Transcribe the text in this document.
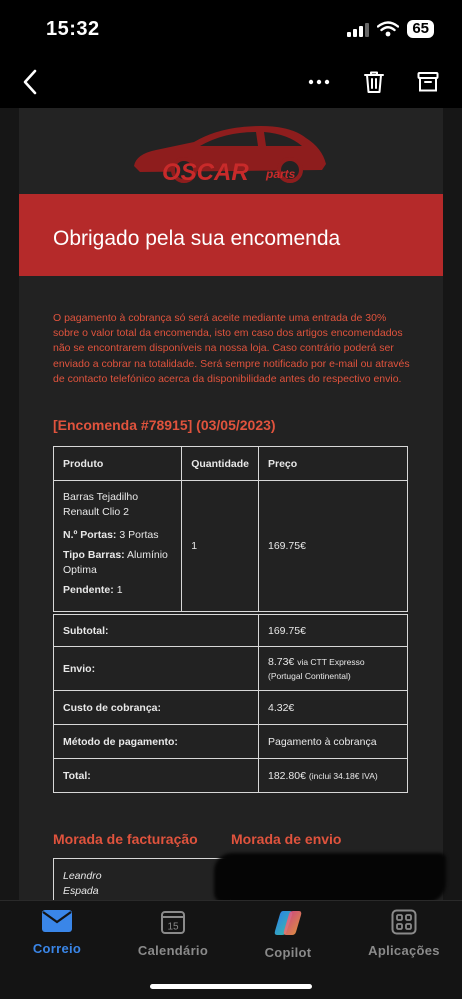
15:32	65
OSCAR parts
Obrigado pela sua encomenda
O pagamento à cobrança só será aceite mediante uma entrada de 30% sobre o valor total da encomenda, isto em caso dos artigos encomendados não se encontrarem disponíveis na nossa loja. Caso contrário poderá ser enviado a cobrar na totalidade. Será sempre notificado por e-mail ou através de contacto telefónico acerca da disponibilidade antes do respectivo envio.
[Encomenda #78915] (03/05/2023)
Produto	Quantidade	Preço

Barras Tejadilho Renault Clio 2
N.º Portas: 3 Portas
Tipo Barras: Alumínio Optima
Pendente: 1	1	169.75€

Subtotal:		169.75€
Envio:		8.73€ via CTT Expresso (Portugal Continental)
Custo de cobrança:		4.32€
Método de pagamento:		Pagamento à cobrança
Total:		182.80€ (inclui 34.18€ IVA)
Morada de facturação Morada de envio
Leandro
Espada
Correio
15
Calendário	Copilot	Aplicações
